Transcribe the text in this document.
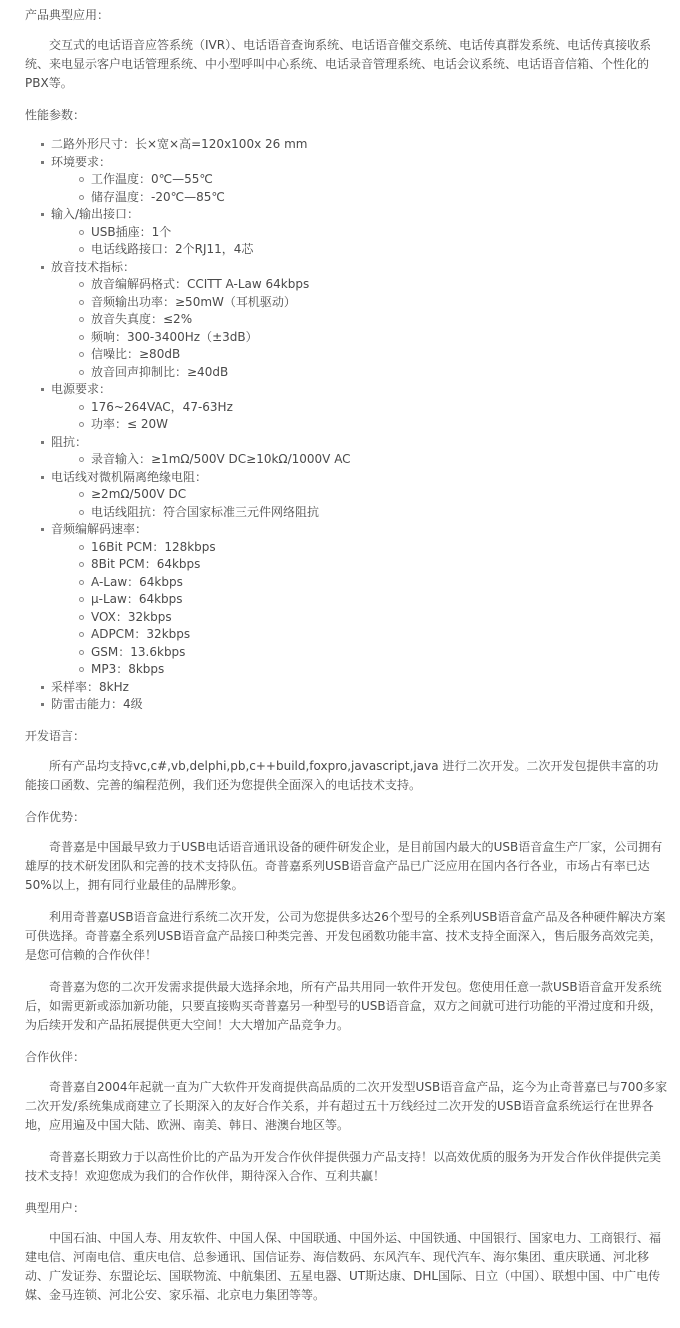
产品典型应用：

交互式的电话语音应答系统（IVR）、电话语音查询系统、电话语音催交系统、电话传真群发系统、电话传真接收系统、来电显示客户电话管理系统、中小型呼叫中心系统、电话录音管理系统、电话会议系统、电话语音信箱、个性化的PBX等。

性能参数：
二路外形尺寸：长×宽×高=120x100x 26 mm
环境要求：
工作温度：0℃—55℃
储存温度：-20℃—85℃
输入/输出接口：
USB插座：1个
电话线路接口：2个RJ11，4芯
放音技术指标：
放音编解码格式：CCITT A-Law 64kbps
音频输出功率：≥50mW（耳机驱动）
放音失真度：≤2%
频响：300-3400Hz（±3dB）
信噪比：≥80dB
放音回声抑制比：≥40dB
电源要求：
176~264VAC，47-63Hz
功率：≤ 20W
阻抗：
录音输入：≥1mΩ/500V DC≥10kΩ/1000V AC
电话线对微机隔离绝缘电阻：
≥2mΩ/500V DC
电话线阻抗：符合国家标准三元件网络阻抗
音频编解码速率：
16Bit PCM：128kbps
8Bit PCM：64kbps
A-Law：64kbps
μ-Law：64kbps
VOX：32kbps
ADPCM：32kbps
GSM：13.6kbps
MP3：8kbps
采样率：8kHz
防雷击能力：4级
开发语言：

所有产品均支持vc,c#,vb,delphi,pb,c++build,foxpro,javascript,java 进行二次开发。二次开发包提供丰富的功能接口函数、完善的编程范例，我们还为您提供全面深入的电话技术支持。

合作优势：

奇普嘉是中国最早致力于USB电话语音通讯设备的硬件研发企业，是目前国内最大的USB语音盒生产厂家，公司拥有雄厚的技术研发团队和完善的技术支持队伍。奇普嘉系列USB语音盒产品已广泛应用在国内各行各业，市场占有率已达50%以上，拥有同行业最佳的品牌形象。

利用奇普嘉USB语音盒进行系统二次开发，公司为您提供多达26个型号的全系列USB语音盒产品及各种硬件解决方案可供选择。奇普嘉全系列USB语音盒产品接口种类完善、开发包函数功能丰富、技术支持全面深入，售后服务高效完美，是您可信赖的合作伙伴！

奇普嘉为您的二次开发需求提供最大选择余地，所有产品共用同一软件开发包。您使用任意一款USB语音盒开发系统后，如需更新或添加新功能，只要直接购买奇普嘉另一种型号的USB语音盒，双方之间就可进行功能的平滑过度和升级，为后续开发和产品拓展提供更大空间！大大增加产品竞争力。

合作伙伴：

奇普嘉自2004年起就一直为广大软件开发商提供高品质的二次开发型USB语音盒产品，迄今为止奇普嘉已与700多家二次开发/系统集成商建立了长期深入的友好合作关系，并有超过五十万线经过二次开发的USB语音盒系统运行在世界各地，应用遍及中国大陆、欧洲、南美、韩日、港澳台地区等。

奇普嘉长期致力于以高性价比的产品为开发合作伙伴提供强力产品支持！以高效优质的服务为开发合作伙伴提供完美技术支持！欢迎您成为我们的合作伙伴，期待深入合作、互利共赢！

典型用户：

中国石油、中国人寿、用友软件、中国人保、中国联通、中国外运、中国铁通、中国银行、国家电力、工商银行、福建电信、河南电信、重庆电信、总参通讯、国信证券、海信数码、东风汽车、现代汽车、海尔集团、重庆联通、河北移动、广发证券、东盟论坛、国联物流、中航集团、五星电器、UT斯达康、DHL国际、日立（中国）、联想中国、中广电传媒、金马连锁、河北公安、家乐福、北京电力集团等等。
